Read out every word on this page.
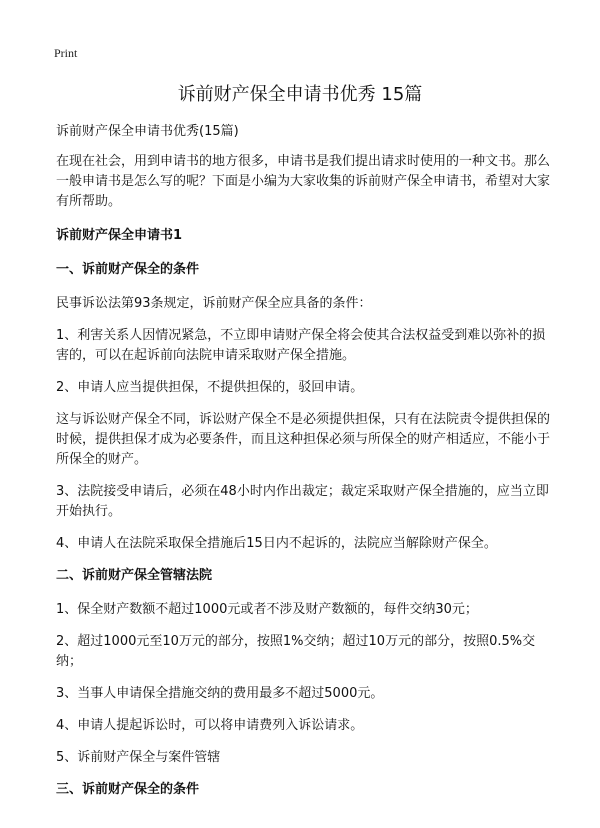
Print
诉前财产保全申请书优秀 15篇

诉前财产保全申请书优秀(15篇)

在现在社会，用到申请书的地方很多，申请书是我们提出请求时使用的一种文书。那么一般申请书是怎么写的呢？下面是小编为大家收集的诉前财产保全申请书，希望对大家有所帮助。

诉前财产保全申请书1

一、诉前财产保全的条件

民事诉讼法第93条规定，诉前财产保全应具备的条件：

1、利害关系人因情况紧急，不立即申请财产保全将会使其合法权益受到难以弥补的损害的，可以在起诉前向法院申请采取财产保全措施。

2、申请人应当提供担保，不提供担保的，驳回申请。

这与诉讼财产保全不同，诉讼财产保全不是必须提供担保，只有在法院责令提供担保的时候，提供担保才成为必要条件，而且这种担保必须与所保全的财产相适应，不能小于所保全的财产。

3、法院接受申请后，必须在48小时内作出裁定；裁定采取财产保全措施的，应当立即开始执行。

4、申请人在法院采取保全措施后15日内不起诉的，法院应当解除财产保全。

二、诉前财产保全管辖法院

1、保全财产数额不超过1000元或者不涉及财产数额的，每件交纳30元；

2、超过1000元至10万元的部分，按照1%交纳；超过10万元的部分，按照0.5%交纳；

3、当事人申请保全措施交纳的费用最多不超过5000元。

4、申请人提起诉讼时，可以将申请费列入诉讼请求。

5、诉前财产保全与案件管辖

三、诉前财产保全的条件
